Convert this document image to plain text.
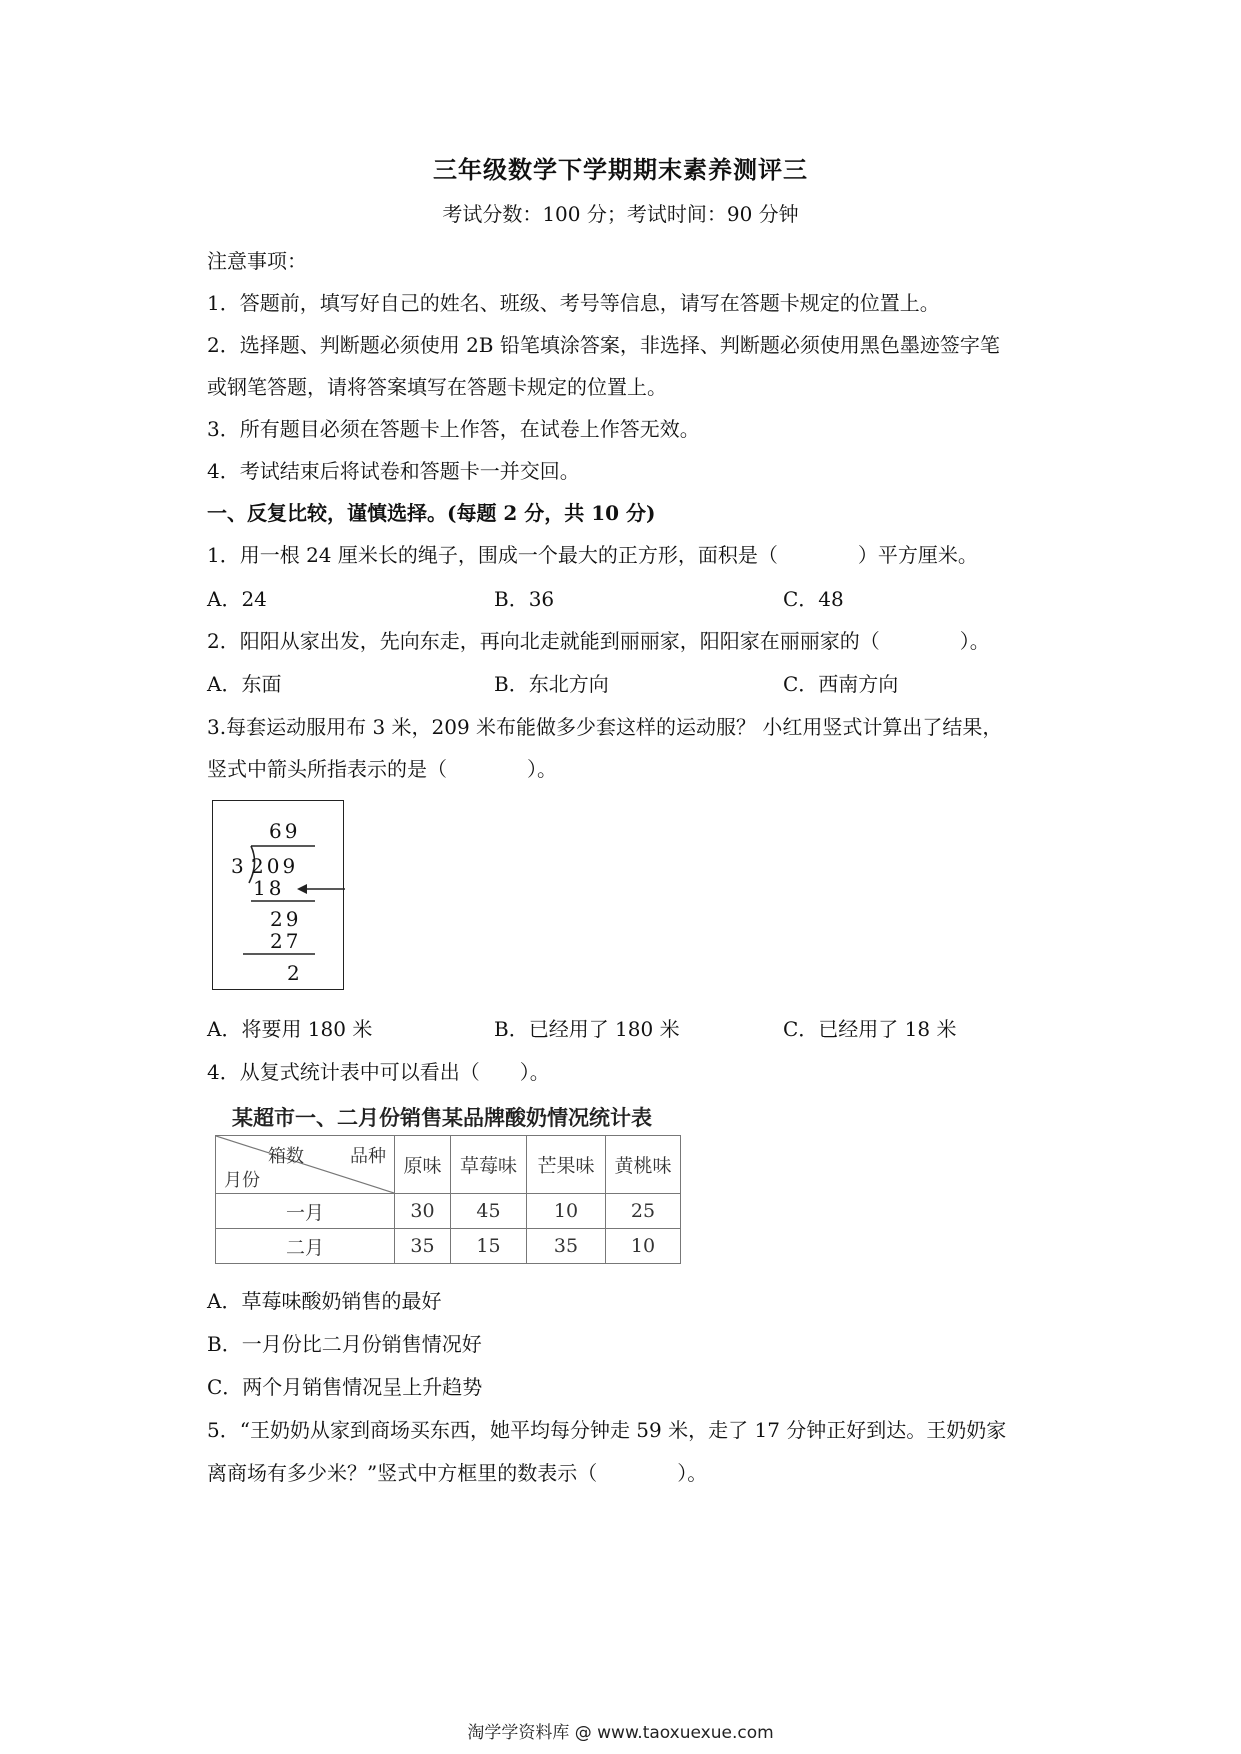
三年级数学下学期期末素养测评三
考试分数：100 分；考试时间：90 分钟
注意事项：
1．答题前，填写好自己的姓名、班级、考号等信息，请写在答题卡规定的位置上。
2．选择题、判断题必须使用 2B 铅笔填涂答案，非选择、判断题必须使用黑色墨迹签字笔
或钢笔答题，请将答案填写在答题卡规定的位置上。
3．所有题目必须在答题卡上作答，在试卷上作答无效。
4．考试结束后将试卷和答题卡一并交回。
一、反复比较，谨慎选择。(每题 2 分，共 10 分)
1．用一根 24 厘米长的绳子，围成一个最大的正方形，面积是（　　　　）平方厘米。
A．24	B．36	C．48
2．阳阳从家出发，先向东走，再向北走就能到丽丽家，阳阳家在丽丽家的（　　　　）。
A．东面	B．东北方向	C．西南方向
3.每套运动服用布 3 米，209 米布能做多少套这样的运动服？ 小红用竖式计算出了结果，
竖式中箭头所指表示的是（　　　　）。
69
3 209
18
29
27
2
A．将要用 180 米	B．已经用了 180 米	C．已经用了 18 米
4．从复式统计表中可以看出（　　）。
某超市一、二月份销售某品牌酸奶情况统计表
箱数 品种
月份	原味	草莓味	芒果味	黄桃味
一月	30	45	10	25
二月	35	15	35	10
A．草莓味酸奶销售的最好
B．一月份比二月份销售情况好
C．两个月销售情况呈上升趋势
5．“王奶奶从家到商场买东西，她平均每分钟走 59 米，走了 17 分钟正好到达。王奶奶家
离商场有多少米？”竖式中方框里的数表示（　　　　）。
淘学学资料库 @ www.taoxuexue.com
